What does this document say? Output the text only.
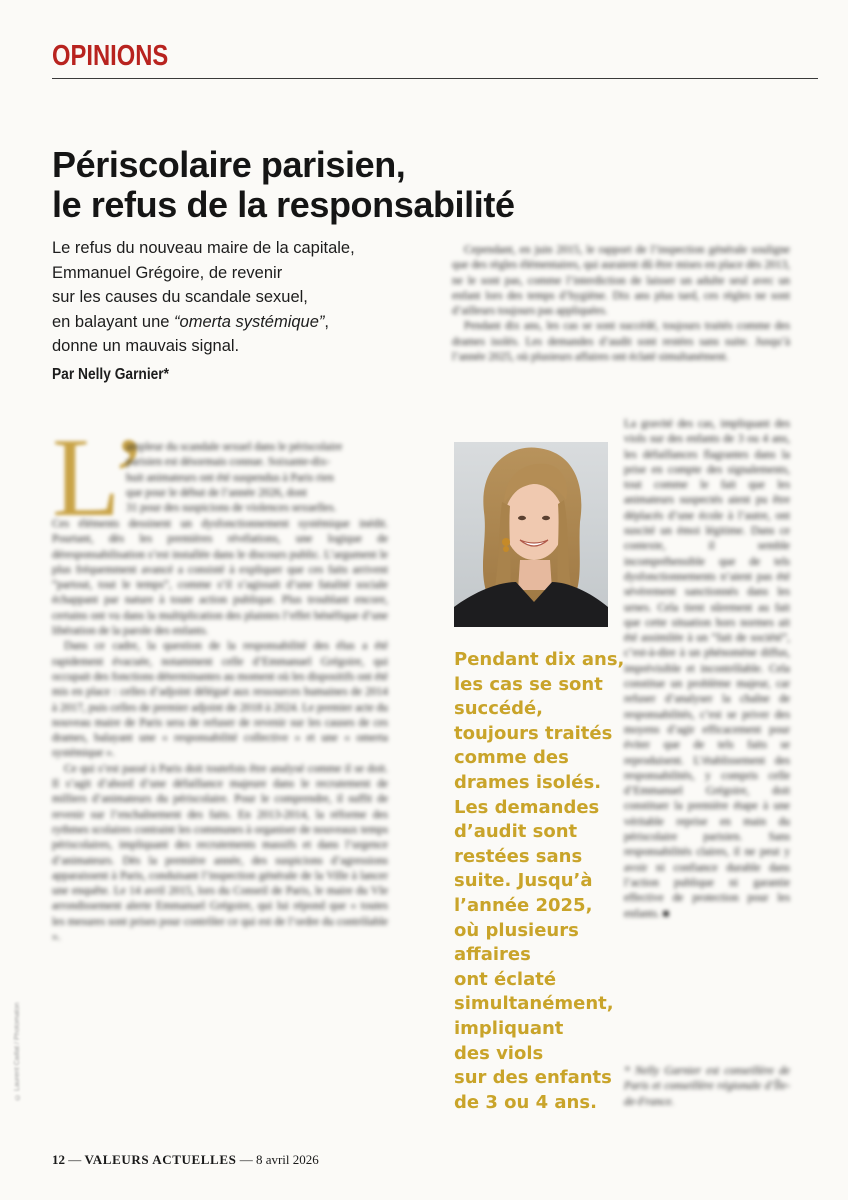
OPINIONS
Périscolaire parisien,
le refus de la responsabilité
Le refus du nouveau maire de la capitale,
Emmanuel Grégoire, de revenir
sur les causes du scandale sexuel,
en balayant une “omerta systémique”,
donne un mauvais signal.
Par Nelly Garnier*
L’
ampleur du scandale sexuel dans le périscolaire
parisien est désormais connue. Soixante-dix-
huit animateurs ont été suspendus à Paris rien
que pour le début de l’année 2026, dont
31 pour des suspicions de violences sexuelles.

Ces éléments dessinent un dysfonctionnement systémique inédit. Pourtant, dès les premières révélations, une logique de déresponsabilisation s’est installée dans le discours public. L’argument le plus fréquemment avancé a consisté à expliquer que ces faits arrivent “partout, tout le temps”, comme s’il s’agissait d’une fatalité sociale échappant par nature à toute action publique. Plus troublant encore, certains ont vu dans la multiplication des plaintes l’effet bénéfique d’une libération de la parole des enfants.

Dans ce cadre, la question de la responsabilité des élus a été rapidement évacuée, notamment celle d’Emmanuel Grégoire, qui occupait des fonctions déterminantes au moment où les dispositifs ont été mis en place : celles d’adjoint délégué aux ressources humaines de 2014 à 2017, puis celles de premier adjoint de 2018 à 2024. Le premier acte du nouveau maire de Paris sera de refuser de revenir sur les causes de ces drames, balayant une « responsabilité collective » et une « omerta systémique ».

Ce qui s’est passé à Paris doit toutefois être analysé comme il se doit. Il s’agit d’abord d’une défaillance majeure dans le recrutement de milliers d’animateurs du périscolaire. Pour le comprendre, il suffit de revenir sur l’enchaînement des faits. En 2013-2014, la réforme des rythmes scolaires contraint les communes à organiser de nouveaux temps périscolaires, impliquant des recrutements massifs et dans l’urgence d’animateurs. Dès la première année, des suspicions d’agressions apparaissent à Paris, conduisant l’inspection générale de la Ville à lancer une enquête. Le 14 avril 2015, lors du Conseil de Paris, le maire du VIe arrondissement alerte Emmanuel Grégoire, qui lui répond que « toutes les mesures sont prises pour contrôler ce qui est de l’ordre du contrôlable ».

Cependant, en juin 2015, le rapport de l’inspection générale souligne que des règles élémentaires, qui auraient dû être mises en place dès 2013, ne le sont pas, comme l’interdiction de laisser un adulte seul avec un enfant lors des temps d’hygiène. Dix ans plus tard, ces règles ne sont d’ailleurs toujours pas appliquées.

Pendant dix ans, les cas se sont succédé, toujours traités comme des drames isolés. Les demandes d’audit sont restées sans suite. Jusqu’à l’année 2025, où plusieurs affaires ont éclaté simultanément.

La gravité des cas, impliquant des viols sur des enfants de 3 ou 4 ans, les défaillances flagrantes dans la prise en compte des signalements, tout comme le fait que les animateurs suspectés aient pu être déplacés d’une école à l’autre, ont suscité un émoi légitime. Dans ce contexte, il semble incompréhensible que de tels dysfonctionnements n’aient pas été sévèrement sanctionnés dans les urnes. Cela tient sûrement au fait que cette situation hors normes ait été assimilée à un “fait de société”, c’est-à-dire à un phénomène diffus, imprévisible et incontrôlable. Cela constitue un problème majeur, car refuser d’analyser la chaîne de responsabilités, c’est se priver des moyens d’agir efficacement pour éviter que de tels faits se reproduisent. L’établissement des responsabilités, y compris celle d’Emmanuel Grégoire, doit constituer la première étape à une véritable reprise en main du périscolaire parisien. Sans responsabilités claires, il ne peut y avoir ni confiance durable dans l’action publique ni garantie effective de protection pour les enfants. ■

* Nelly Garnier est conseillère de Paris et conseillère régionale d’Île-de-France.

Pendant dix ans,
les cas se sont
succédé,
toujours traités
comme des
drames isolés.
Les demandes
d’audit sont
restées sans
suite. Jusqu’à
l’année 2025,
où plusieurs
affaires
ont éclaté
simultanément,
impliquant
des viols
sur des enfants
de 3 ou 4 ans.
© Laurent Caillat / Photomaton
12 — VALEURS ACTUELLES — 8 avril 2026
